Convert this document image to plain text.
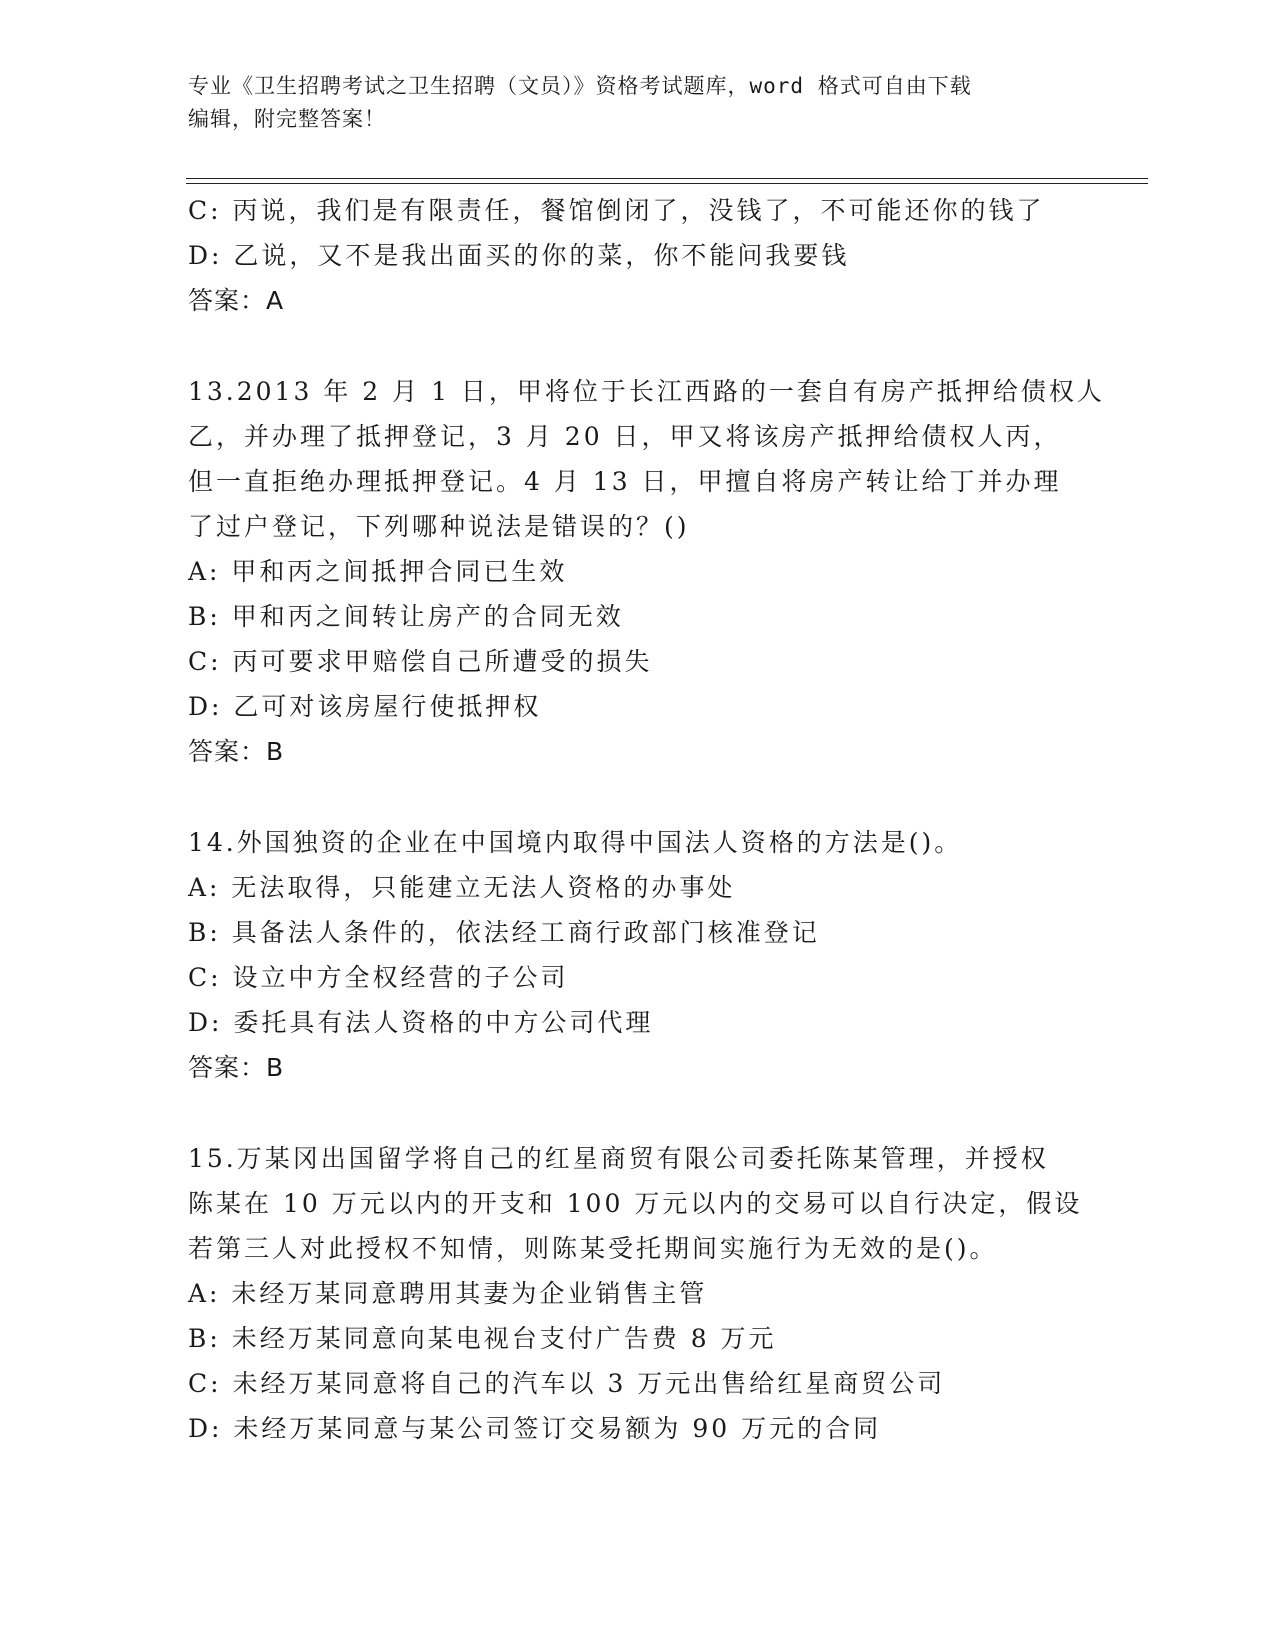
专业《卫生招聘考试之卫生招聘（文员）》资格考试题库，word 格式可自由下载
编辑，附完整答案！
C: 丙说，我们是有限责任，餐馆倒闭了，没钱了，不可能还你的钱了
D: 乙说，又不是我出面买的你的菜，你不能问我要钱
答案：A
13.2013 年 2 月 1 日，甲将位于长江西路的一套自有房产抵押给债权人
乙，并办理了抵押登记，3 月 20 日，甲又将该房产抵押给债权人丙，
但一直拒绝办理抵押登记。4 月 13 日，甲擅自将房产转让给丁并办理
了过户登记，下列哪种说法是错误的？()
A: 甲和丙之间抵押合同已生效
B: 甲和丙之间转让房产的合同无效
C: 丙可要求甲赔偿自己所遭受的损失
D: 乙可对该房屋行使抵押权
答案：B
14.外国独资的企业在中国境内取得中国法人资格的方法是()。
A: 无法取得，只能建立无法人资格的办事处
B: 具备法人条件的，依法经工商行政部门核准登记
C: 设立中方全权经营的子公司
D: 委托具有法人资格的中方公司代理
答案：B
15.万某冈出国留学将自己的红星商贸有限公司委托陈某管理，并授权
陈某在 10 万元以内的开支和 100 万元以内的交易可以自行决定，假设
若第三人对此授权不知情，则陈某受托期间实施行为无效的是()。
A: 未经万某同意聘用其妻为企业销售主管
B: 未经万某同意向某电视台支付广告费 8 万元
C: 未经万某同意将自己的汽车以 3 万元出售给红星商贸公司
D: 未经万某同意与某公司签订交易额为 90 万元的合同
